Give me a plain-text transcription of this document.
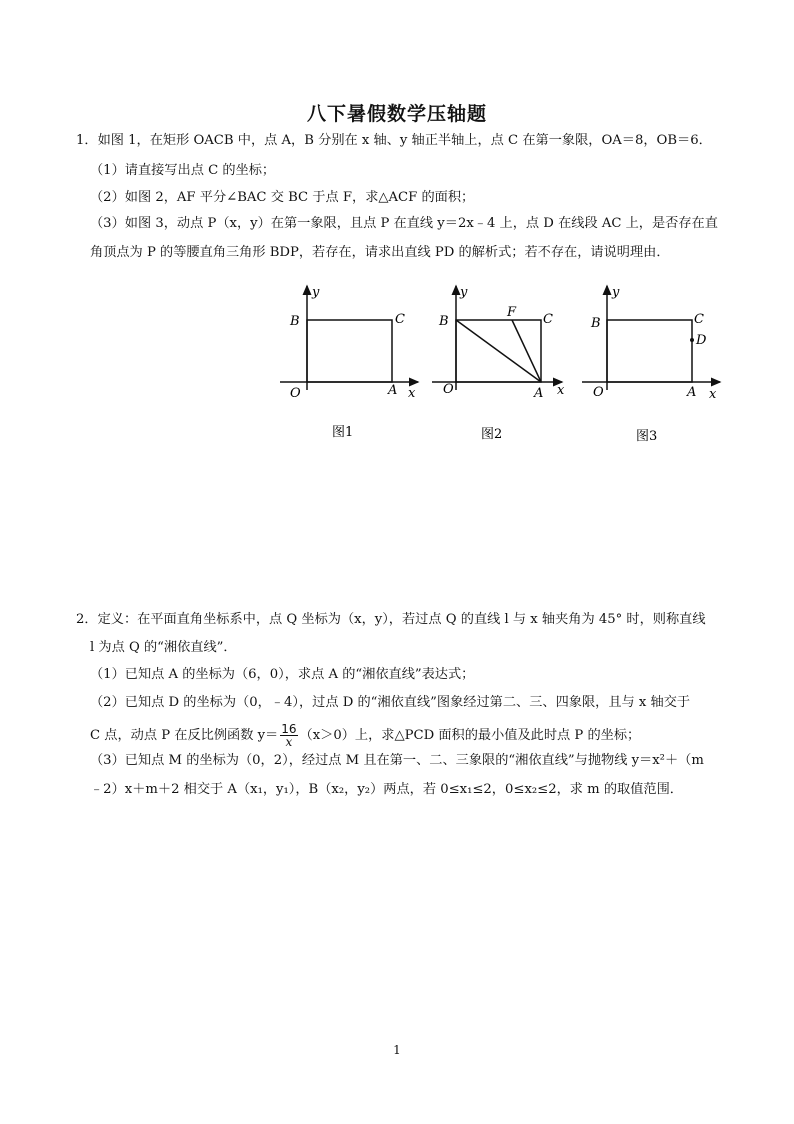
八下暑假数学压轴题
1．如图 1，在矩形 OACB 中，点 A，B 分别在 x 轴、y 轴正半轴上，点 C 在第一象限，OA＝8，OB＝6．
（1）请直接写出点 C 的坐标；
（2）如图 2，AF 平分∠BAC 交 BC 于点 F，求△ACF 的面积；
（3）如图 3，动点 P（x，y）在第一象限，且点 P 在直线 y＝2x﹣4 上，点 D 在线段 AC 上，是否存在直
角顶点为 P 的等腰直角三角形 BDP，若存在，请求出直线 PD 的解析式；若不存在，请说明理由．
y
B	C
O	A x
y
B
F C
O	A x
y
B	C
D
O	A x
图1	图2	图3
2．定义：在平面直角坐标系中，点 Q 坐标为（x，y），若过点 Q 的直线 l 与 x 轴夹角为 45° 时，则称直线
l 为点 Q 的“湘依直线”．
（1）已知点 A 的坐标为（6，0），求点 A 的“湘依直线”表达式；
（2）已知点 D 的坐标为（0，﹣4），过点 D 的“湘依直线”图象经过第二、三、四象限，且与 x 轴交于
C 点，动点 P 在反比例函数 $y= \frac{16}{x} (x>0)$上，求△PCD 面积的最小值及此时点 P 的坐标；
（3）已知点 M 的坐标为（0，2），经过点 M 且在第一、二、三象限的“湘依直线”与抛物线 y＝x²＋（m
﹣2）x＋m＋2 相交于 A（x₁，y₁），B（x₂，y₂）两点，若 0≤x₁≤2，0≤x₂≤2，求 m 的取值范围．
1
